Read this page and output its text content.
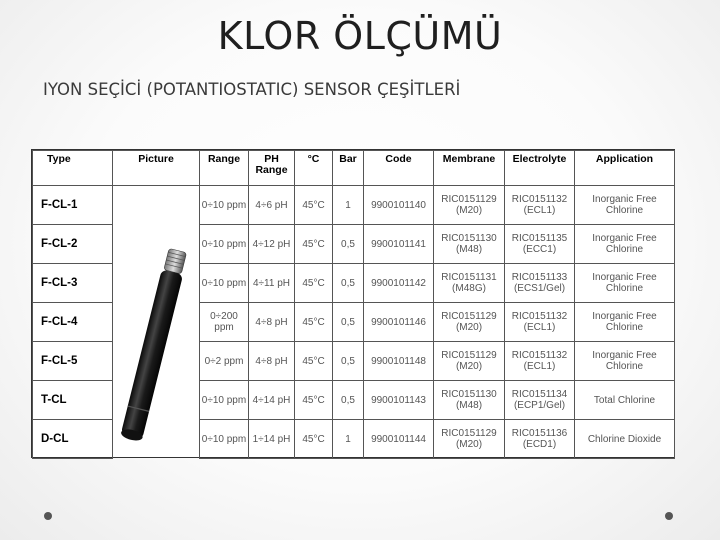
KLOR ÖLÇÜMÜ
IYON SEÇİCİ (POTANTIOSTATIC) SENSOR ÇEŞİTLERİ
Type	Picture	Range	PH Range	°C	Bar	Code	Membrane	Electrolyte	Application
F-CL-1		0÷10 ppm	4÷6 pH	45°C	1	9900101140	RIC0151129 (M20)	RIC0151132 (ECL1)	Inorganic Free Chlorine
F-CL-2		0÷10 ppm	4÷12 pH	45°C	0,5	9900101141	RIC0151130 (M48)	RIC0151135 (ECC1)	Inorganic Free Chlorine
F-CL-3		0÷10 ppm	4÷11 pH	45°C	0,5	9900101142	RIC0151131 (M48G)	RIC0151133 (ECS1/Gel)	Inorganic Free Chlorine
F-CL-4		0÷200 ppm	4÷8 pH	45°C	0,5	9900101146	RIC0151129 (M20)	RIC0151132 (ECL1)	Inorganic Free Chlorine
F-CL-5		0÷2 ppm	4÷8 pH	45°C	0,5	9900101148	RIC0151129 (M20)	RIC0151132 (ECL1)	Inorganic Free Chlorine
T-CL		0÷10 ppm	4÷14 pH	45°C	0,5	9900101143	RIC0151130 (M48)	RIC0151134 (ECP1/Gel)	Total Chlorine
D-CL		0÷10 ppm	1÷14 pH	45°C	1	9900101144	RIC0151129 (M20)	RIC0151136 (ECD1)	Chlorine Dioxide
